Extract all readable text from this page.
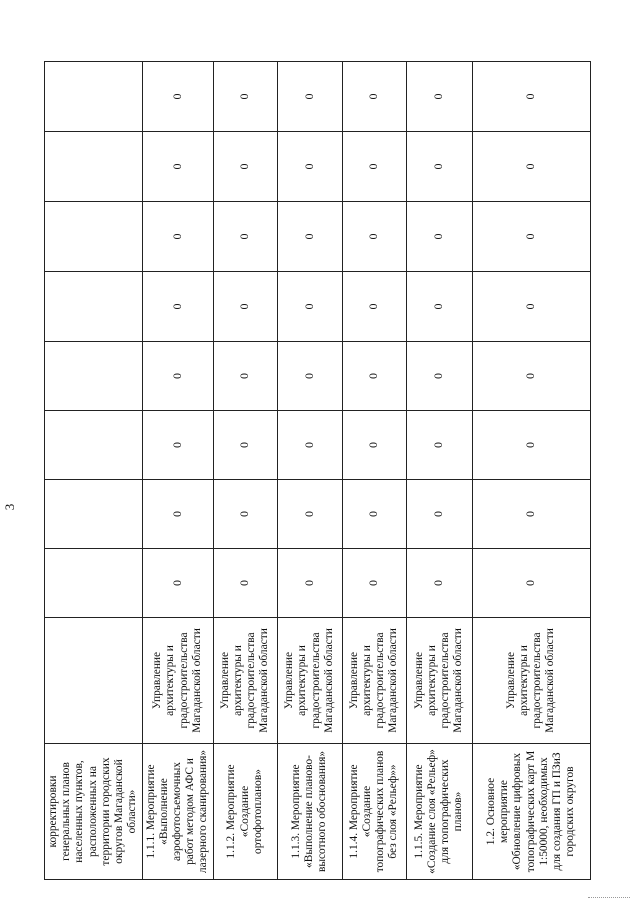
3
корректировки генеральных планов населенных пунктов, расположенных на территории городских округов Магаданской области»									
1.1.1. Мероприятие «Выполнение аэрофотосъемочных работ методом АФС и лазерного сканирования»	Управление архитектуры и градостроительства Магаданской области	0	0	0	0	0	0	0	0
1.1.2. Мероприятие «Создание ортофотопланов»	Управление архитектуры и градостроительства Магаданской области	0	0	0	0	0	0	0	0
1.1.3. Мероприятие «Выполнение планово-высотного обоснования»	Управление архитектуры и градостроительства Магаданской области	0	0	0	0	0	0	0	0
1.1.4. Мероприятие «Создание топографических планов без слоя «Рельеф»»	Управление архитектуры и градостроительства Магаданской области	0	0	0	0	0	0	0	0
1.1.5. Мероприятие «Создание слоя «Рельеф» для топографических планов»	Управление архитектуры и градостроительства Магаданской области	0	0	0	0	0	0	0	0
1.2. Основное мероприятие «Обновление цифровых топографических карт М 1:50000, необходимых для создания ГП и ПЗиЗ городских округов	Управление архитектуры и градостроительства Магаданской области	0	0	0	0	0	0	0	0
